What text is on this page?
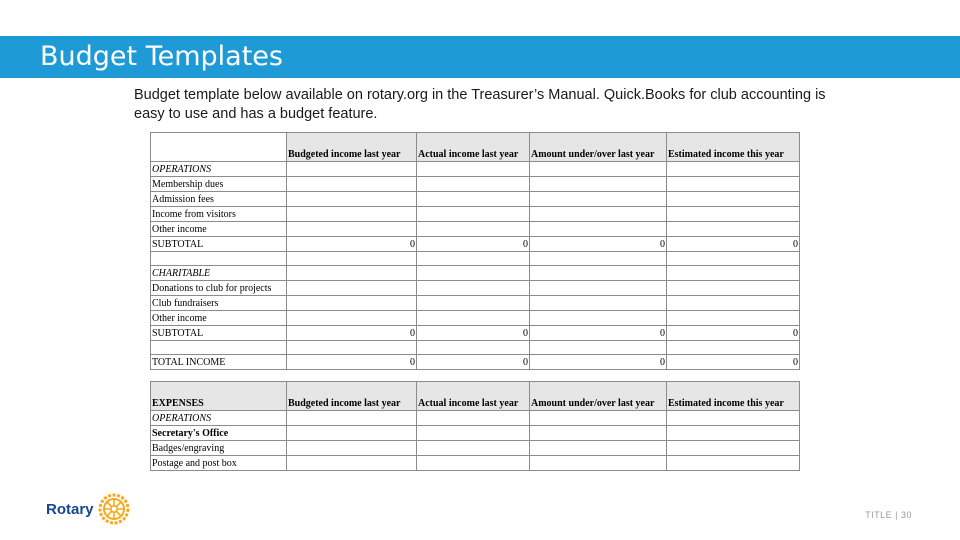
Budget Templates
Budget template below available on rotary.org in the Treasurer’s Manual. Quick.Books for club accounting is easy to use and has a budget feature.
	Budgeted income last year	Actual income last year	Amount under/over last year	Estimated income this year
OPERATIONS				
Membership dues				
Admission fees				
Income from visitors				
Other income				
SUBTOTAL	0	0	0	0

CHARITABLE				
Donations to club for projects				
Club fundraisers				
Other income				
SUBTOTAL	0	0	0	0

TOTAL INCOME	0	0	0	0
EXPENSES	Budgeted income last year	Actual income last year	Amount under/over last year	Estimated income this year
OPERATIONS				
Secretary's Office				
Badges/engraving				
Postage and post box				
Rotary	TITLE | 30
